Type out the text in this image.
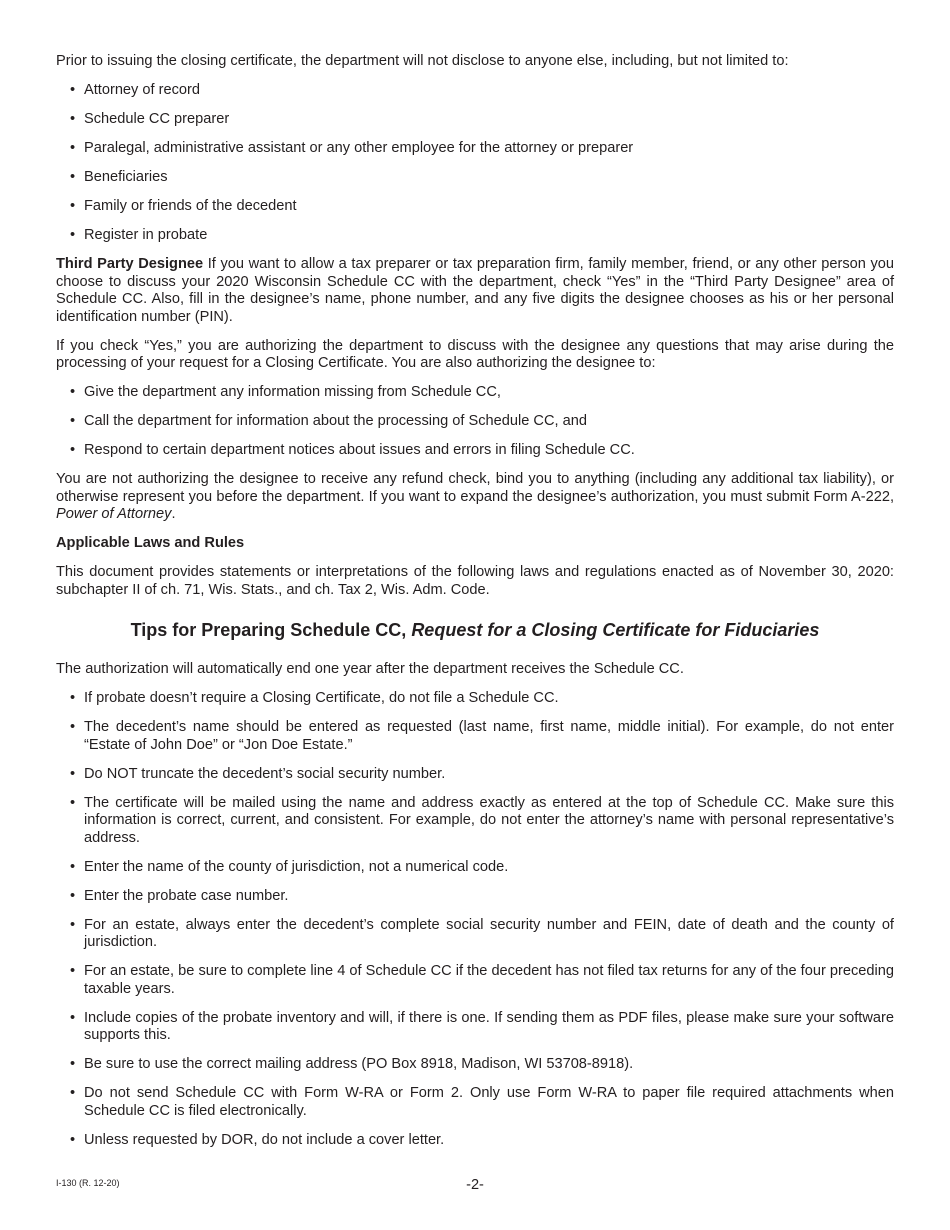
Prior to issuing the closing certificate, the department will not disclose to anyone else, including, but not limited to:

• Attorney of record
• Schedule CC preparer
• Paralegal, administrative assistant or any other employee for the attorney or preparer
• Beneficiaries
• Family or friends of the decedent
• Register in probate

Third Party Designee If you want to allow a tax preparer or tax preparation firm, family member, friend, or any other person you choose to discuss your 2020 Wisconsin Schedule CC with the department, check “Yes” in the “Third Party Designee” area of Schedule CC. Also, fill in the designee’s name, phone number, and any five digits the designee chooses as his or her personal identification number (PIN).

If you check “Yes,” you are authorizing the department to discuss with the designee any questions that may arise during the processing of your request for a Closing Certificate. You are also authorizing the designee to:

• Give the department any information missing from Schedule CC,
• Call the department for information about the processing of Schedule CC, and
• Respond to certain department notices about issues and errors in filing Schedule CC.

You are not authorizing the designee to receive any refund check, bind you to anything (including any additional tax liability), or otherwise represent you before the department. If you want to expand the designee’s authorization, you must submit Form A-222, Power of Attorney.

Applicable Laws and Rules

This document provides statements or interpretations of the following laws and regulations enacted as of November 30, 2020: subchapter II of ch. 71, Wis. Stats., and ch. Tax 2, Wis. Adm. Code.

Tips for Preparing Schedule CC, Request for a Closing Certificate for Fiduciaries

The authorization will automatically end one year after the department receives the Schedule CC.

• If probate doesn’t require a Closing Certificate, do not file a Schedule CC.
• The decedent’s name should be entered as requested (last name, first name, middle initial). For example, do not enter “Estate of John Doe” or “Jon Doe Estate.”
• Do NOT truncate the decedent’s social security number.
• The certificate will be mailed using the name and address exactly as entered at the top of Schedule CC. Make sure this information is correct, current, and consistent. For example, do not enter the attorney’s name with personal representative’s address.
• Enter the name of the county of jurisdiction, not a numerical code.
• Enter the probate case number.
• For an estate, always enter the decedent’s complete social security number and FEIN, date of death and the county of jurisdiction.
• For an estate, be sure to complete line 4 of Schedule CC if the decedent has not filed tax returns for any of the four preceding taxable years.
• Include copies of the probate inventory and will, if there is one. If sending them as PDF files, please make sure your software supports this.
• Be sure to use the correct mailing address (PO Box 8918, Madison, WI 53708-8918).
• Do not send Schedule CC with Form W-RA or Form 2. Only use Form W-RA to paper file required attachments when Schedule CC is filed electronically.
• Unless requested by DOR, do not include a cover letter.
I-130 (R. 12-20)	-2-
